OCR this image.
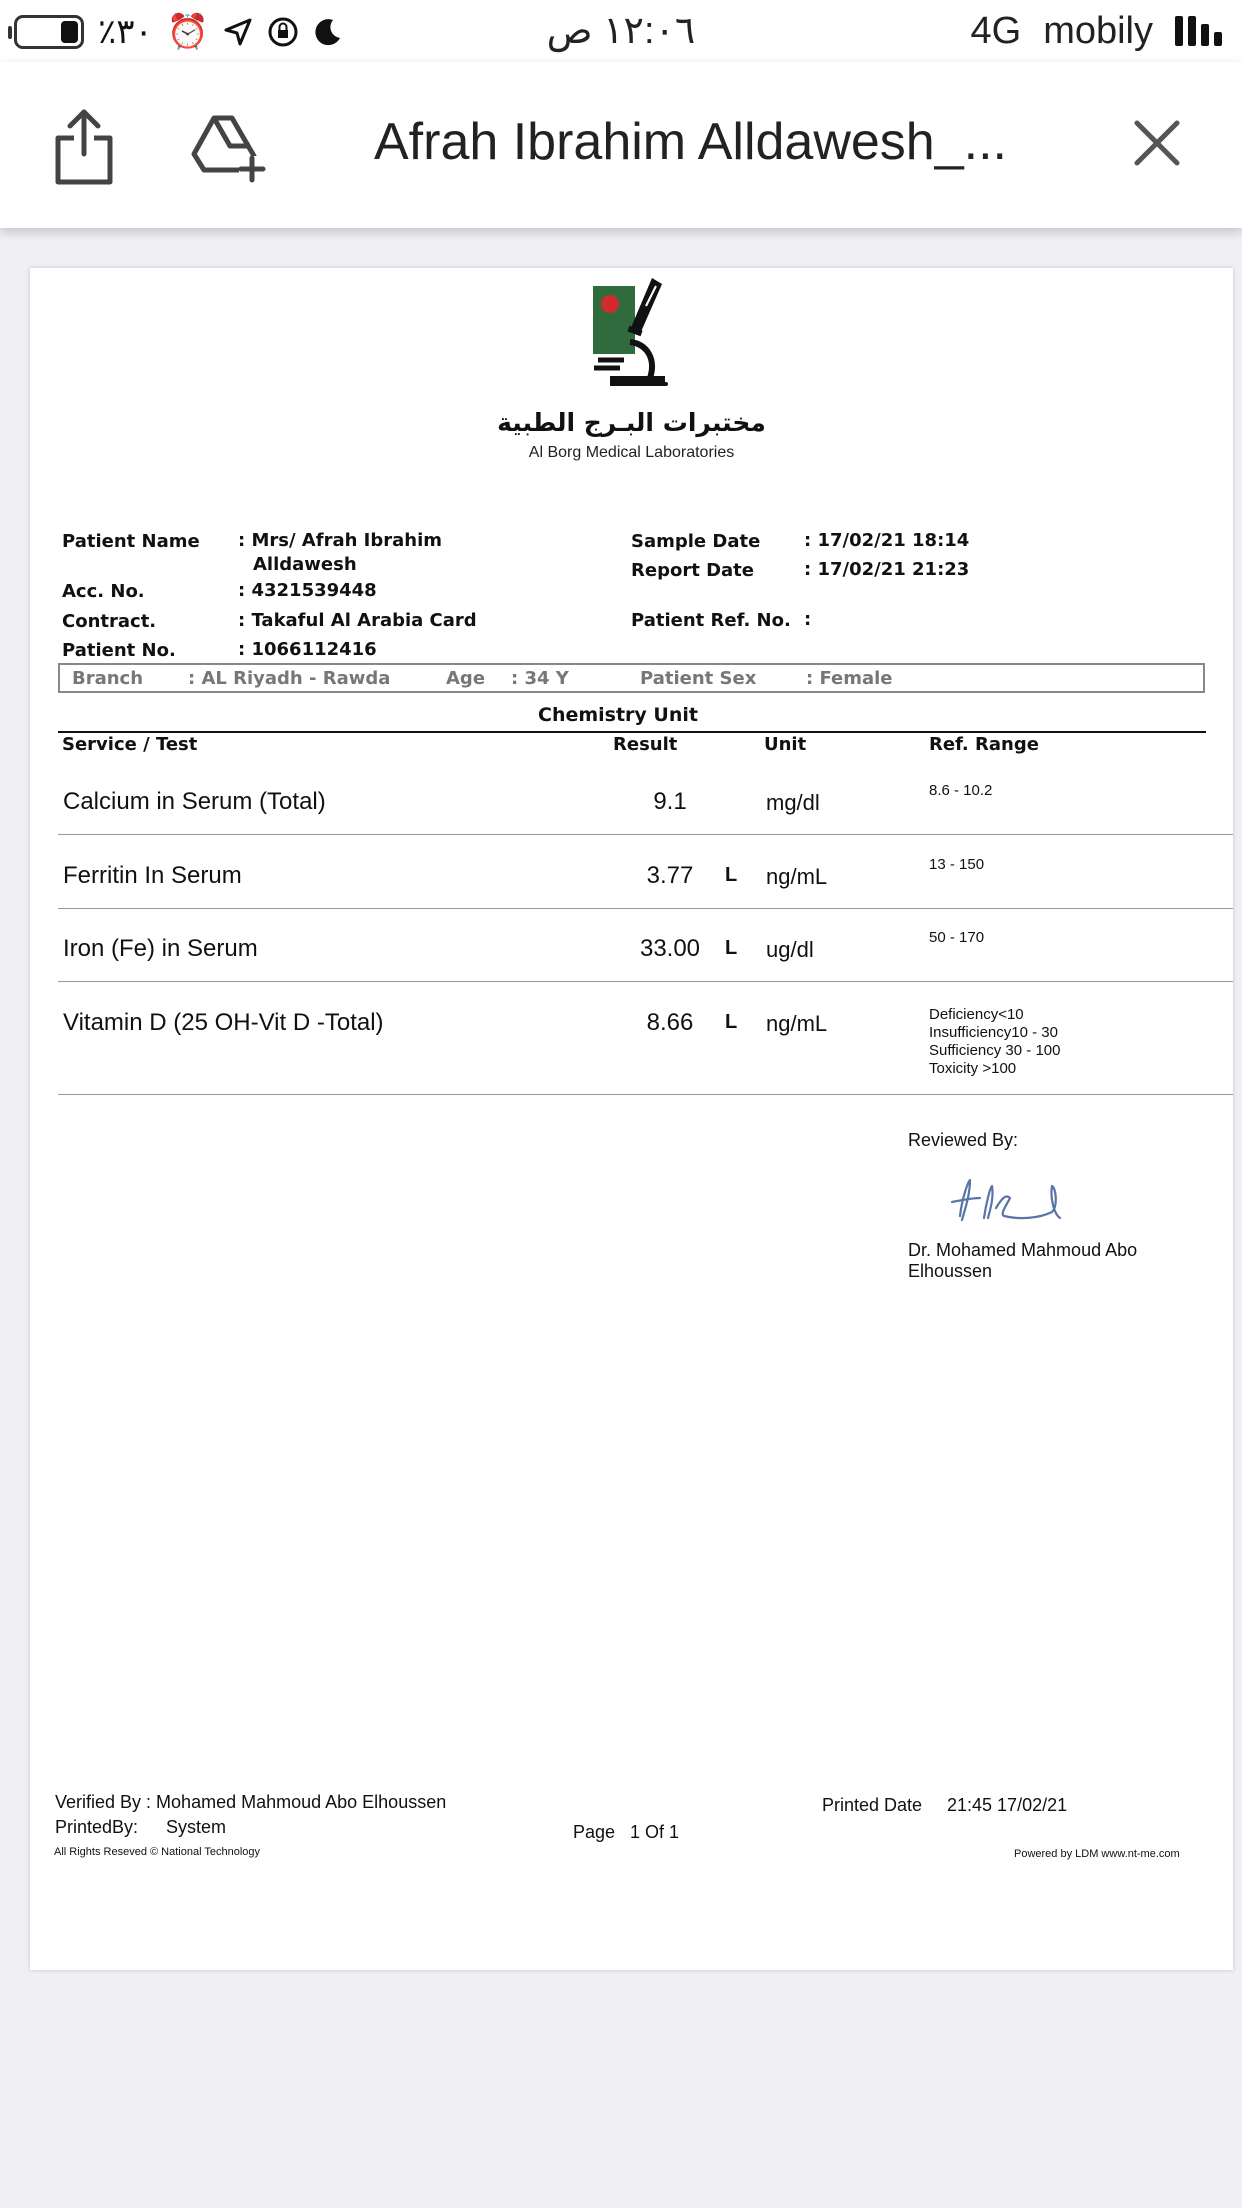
٪٣٠ ⏰	١٢:٠٦ ص	4G mobily
Afrah Ibrahim Alldawesh_...
مختبرات البـرج الطبية
Al Borg Medical Laboratories
Patient Name : Mrs/ Afrah Ibrahim
Alldawesh
Acc. No.	: 4321539448
Contract.	: Takaful Al Arabia Card
Patient No.	: 1066112416
Sample Date : 17/02/21 18:14
Report Date	: 17/02/21 21:23
Patient Ref. No. :
Branch : AL Riyadh - Rawda	Age : 34 Y	Patient Sex	: Female
Chemistry Unit
Service / Test	Result	Unit	Ref. Range
Calcium in Serum (Total)	9.1	mg/dl	8.6 - 10.2
Ferritin In Serum	3.77	L ng/mL	13 - 150
Iron (Fe) in Serum	33.00	L ug/dl	50 - 170
Vitamin D (25 OH-Vit D -Total)	8.66	L ng/mL	Deficiency<10
Insufficiency10 - 30
Sufficiency 30 - 100
Toxicity >100
Reviewed By:
Dr. Mohamed Mahmoud Abo
Elhoussen
Verified By : Mohamed Mahmoud Abo Elhoussen
PrintedBy: System
All Rights Reseved © National Technology
Page 1 Of 1
Printed Date 21:45 17/02/21
Powered by LDM www.nt-me.com
